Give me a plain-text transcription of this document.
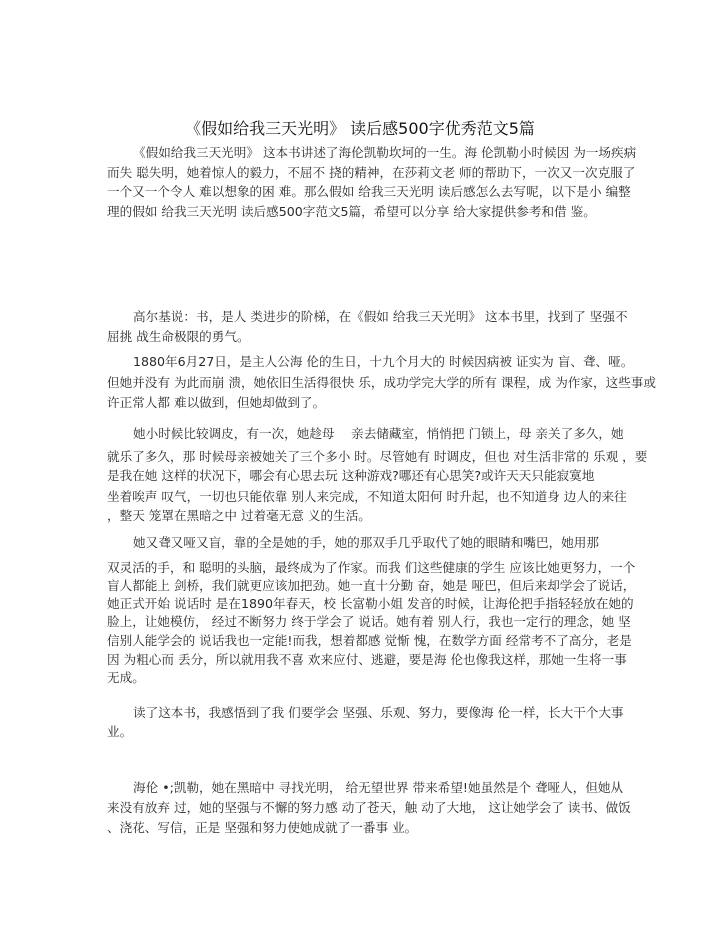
《假如给我三天光明》 读后感500字优秀范文5篇
《假如给我三天光明》 这本书讲述了海伦凯勒坎坷的一生。海 伦凯勒小时候因 为一场疾病
而失 聪失明，她着惊人的毅力，不屈不 挠的精神，在莎莉文老 师的帮助下，一次又一次克服了
一个又一个令人 难以想象的困 难。那么假如 给我三天光明 读后感怎么去写呢，以下是小 编整
理的假如 给我三天光明 读后感500字范文5篇，希望可以分享 给大家提供参考和借 鉴。
高尔基说：书，是人 类进步的阶梯，在《假如 给我三天光明》 这本书里，找到了 坚强不
屈挑 战生命极限的勇气。
1880年6月27日，是主人公海 伦的生日，十九个月大的 时候因病被 证实为 盲、聋、哑。
但她并没有 为此而崩 溃，她依旧生活得很快 乐，成功学完大学的所有 课程，成 为作家，这些事或
许正常人都 难以做到，但她却做到了。
她小时候比较调皮，有一次，她趁母　 亲去储藏室，悄悄把 门锁上，母 亲关了多久，她
就乐了多久，那 时候母亲被她关了三个多小 时。尽管她有 时调皮，但也 对生活非常的 乐观 ，要
是我在她 这样的状况下，哪会有心思去玩 这种游戏?哪还有心思笑?或许天天只能寂寞地
坐着唉声 叹气，一切也只能依靠 别人来完成，不知道太阳何 时升起，也不知道身 边人的来往
，整天 笼罩在黑暗之中 过着毫无意 义的生活。
她又聋又哑又盲，靠的全是她的手，她的那双手几乎取代了她的眼睛和嘴巴，她用那
双灵活的手，和 聪明的头脑，最终成为了作家。而我 们这些健康的学生 应该比她更努力，一个
盲人都能上 剑桥，我们就更应该加把劲。她一直十分勤 奋，她是 哑巴，但后来却学会了说话，
她正式开始 说话时 是在1890年春天，校 长富勒小姐 发音的时候，让海伦把手指轻轻放在她的
脸上，让她模仿， 经过不断努力 终于学会了 说话。她有着 别人行，我也一定行的理念，她 坚
信别人能学会的 说话我也一定能!而我，想着都感 觉惭 愧，在数学方面 经常考不了高分，老是
因 为粗心而 丢分，所以就用我不喜 欢来应付、逃避，要是海 伦也像我这样，那她一生将一事
无成。
读了这本书，我感悟到了我 们要学会 坚强、乐观、努力，要像海 伦一样，长大干个大事
业。
海伦 •;凯勒，她在黑暗中 寻找光明， 给无望世界 带来希望!她虽然是个 聋哑人，但她从
来没有放弃 过，她的坚强与不懈的努力感 动了苍天，触 动了大地， 这让她学会了 读书、做饭
、浇花、写信，正是 坚强和努力使她成就了一番事 业。
